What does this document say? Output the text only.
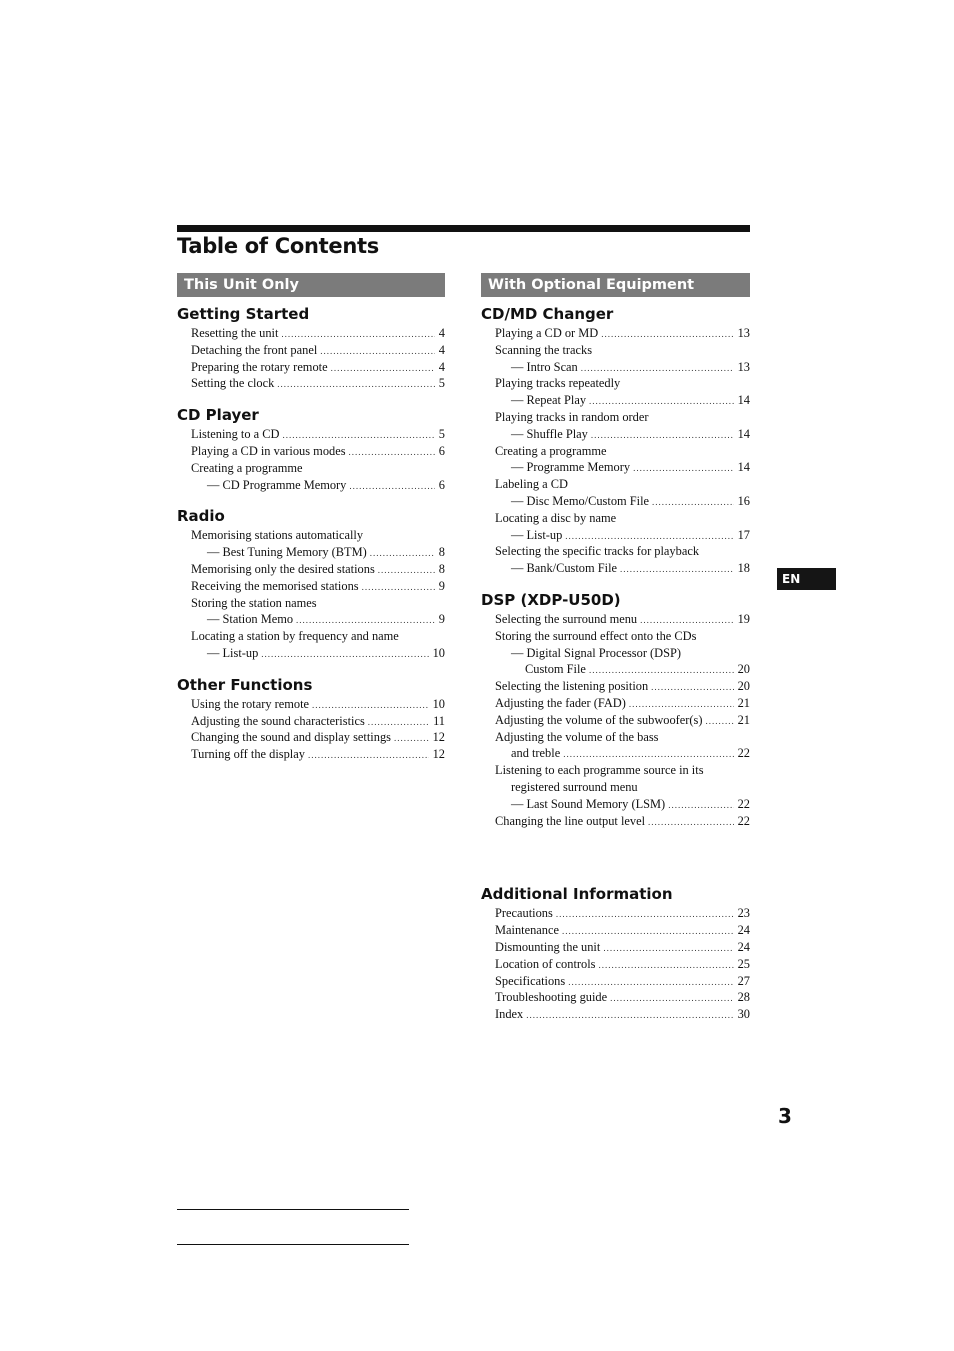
Table of Contents
This Unit Only
Getting Started
Resetting the unit .....	4
Detaching the front panel .....	4
Preparing the rotary remote .....	4
Setting the clock .....	5
CD Player
Listening to a CD .....	5
Playing a CD in various modes .....	6
Creating a programme
— CD Programme Memory .....	6
Radio
Memorising stations automatically
— Best Tuning Memory (BTM) .....	8
Memorising only the desired stations .....	8
Receiving the memorised stations .....	9
Storing the station names
— Station Memo .....	9
Locating a station by frequency and name
— List-up .....	10
Other Functions
Using the rotary remote .....	10
Adjusting the sound characteristics .....	11
Changing the sound and display settings .....	12
Turning off the display .....	12
With Optional Equipment
CD/MD Changer
Playing a CD or MD .....	13
Scanning the tracks
— Intro Scan .....	13
Playing tracks repeatedly
— Repeat Play .....	14
Playing tracks in random order
— Shuffle Play .....	14
Creating a programme
— Programme Memory .....	14
Labeling a CD
— Disc Memo/Custom File .....	16
Locating a disc by name
— List-up .....	17
Selecting the specific tracks for playback
— Bank/Custom File .....	18
DSP (XDP-U50D)
Selecting the surround menu .....	19
Storing the surround effect onto the CDs
— Digital Signal Processor (DSP)
Custom File .....	20
Selecting the listening position .....	20
Adjusting the fader (FAD) .....	21
Adjusting the volume of the subwoofer(s) .....	21
Adjusting the volume of the bass
and treble .....	22
Listening to each programme source in its
registered surround menu
— Last Sound Memory (LSM) .....	22
Changing the line output level .....	22
Additional Information
Precautions .....	23
Maintenance .....	24
Dismounting the unit .....	24
Location of controls .....	25
Specifications .....	27
Troubleshooting guide .....	28
Index .....	30
EN
3
